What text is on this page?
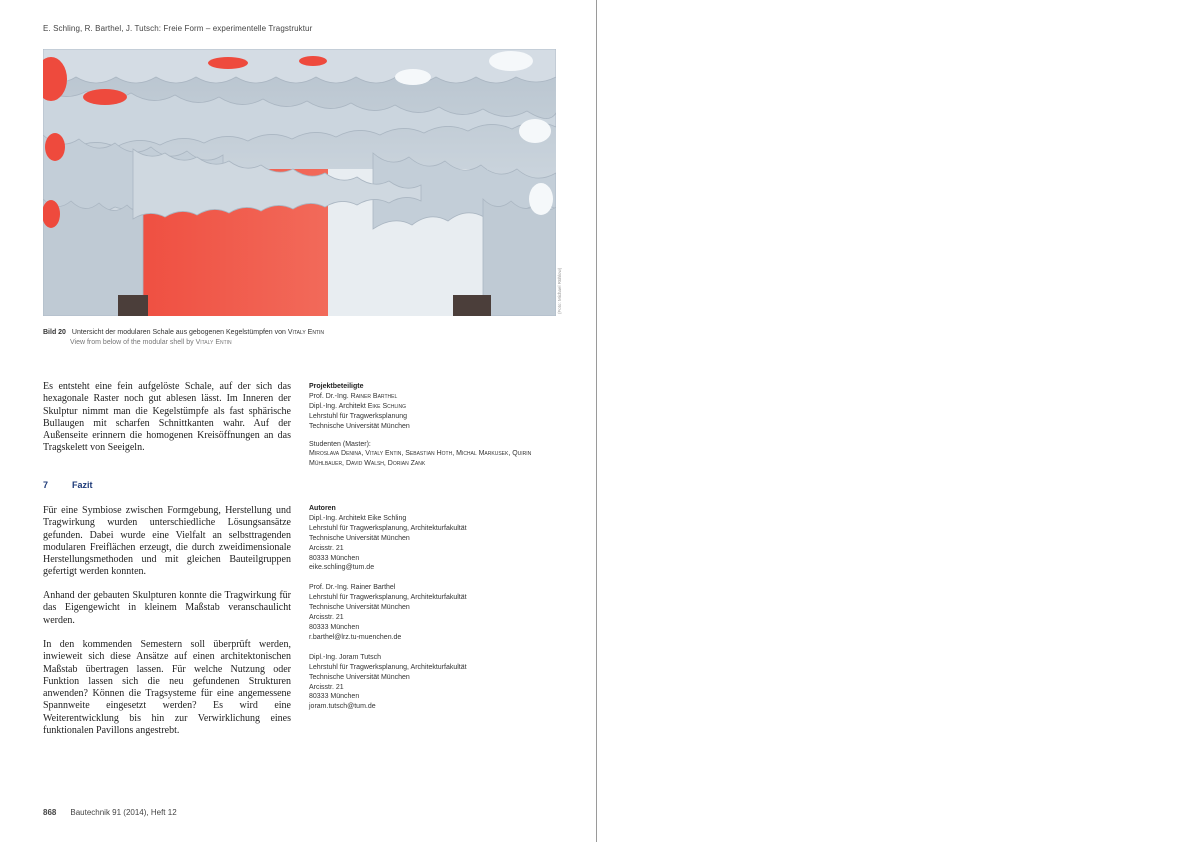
E. Schling, R. Barthel, J. Tutsch: Freie Form – experimentelle Tragstruktur
(Foto: Michael Rühlow)
Bild 20 Untersicht der modularen Schale aus gebogenen Kegelstümpfen von Vitaly Entin
View from below of the modular shell by Vitaly Entin

Es entsteht eine fein aufgelöste Schale, auf der sich das hexagonale Raster noch gut ablesen lässt. Im Inneren der Skulptur nimmt man die Kegelstümpfe als fast sphärische Bullaugen mit scharfen Schnittkanten wahr. Auf der Außenseite erinnern die homogenen Kreisöffnungen an das Tragskelett von Seeigeln.

7	Fazit

Für eine Symbiose zwischen Formgebung, Herstellung und Tragwirkung wurden unterschiedliche Lösungsansätze gefunden. Dabei wurde eine Vielfalt an selbsttragenden modularen Freiflächen erzeugt, die durch zweidimensionale Herstellungsmethoden und mit gleichen Bauteilgruppen gefertigt werden konnten.

Anhand der gebauten Skulpturen konnte die Tragwirkung für das Eigengewicht in kleinem Maßstab veranschaulicht werden.

In den kommenden Semestern soll überprüft werden, inwieweit sich diese Ansätze auf einen architektonischen Maßstab übertragen lassen. Für welche Nutzung oder Funktion lassen sich die neu gefundenen Strukturen anwenden? Können die Tragsysteme für eine angemessene Spannweite eingesetzt werden? Es wird eine Weiterentwicklung bis hin zur Verwirklichung eines funktionalen Pavillons angestrebt.

Projektbeteiligte
Prof. Dr.-Ing. Rainer Barthel
Dipl.-Ing. Architekt Eike Schling
Lehrstuhl für Tragwerksplanung
Technische Universität München
Studenten (Master):
Miroslava Denina, Vitaly Entin, Sebastian Hoth, Michal Markusek, Quirin Mühlbauer, David Walsh, Dorian Zank
Autoren
Dipl.-Ing. Architekt Eike Schling
Lehrstuhl für Tragwerksplanung, Architekturfakultät
Technische Universität München
Arcisstr. 21
80333 München
eike.schling@tum.de
Prof. Dr.-Ing. Rainer Barthel
Lehrstuhl für Tragwerksplanung, Architekturfakultät
Technische Universität München
Arcisstr. 21
80333 München
r.barthel@lrz.tu-muenchen.de
Dipl.-Ing. Joram Tutsch
Lehrstuhl für Tragwerksplanung, Architekturfakultät
Technische Universität München
Arcisstr. 21
80333 München
joram.tutsch@tum.de
868 Bautechnik 91 (2014), Heft 12
